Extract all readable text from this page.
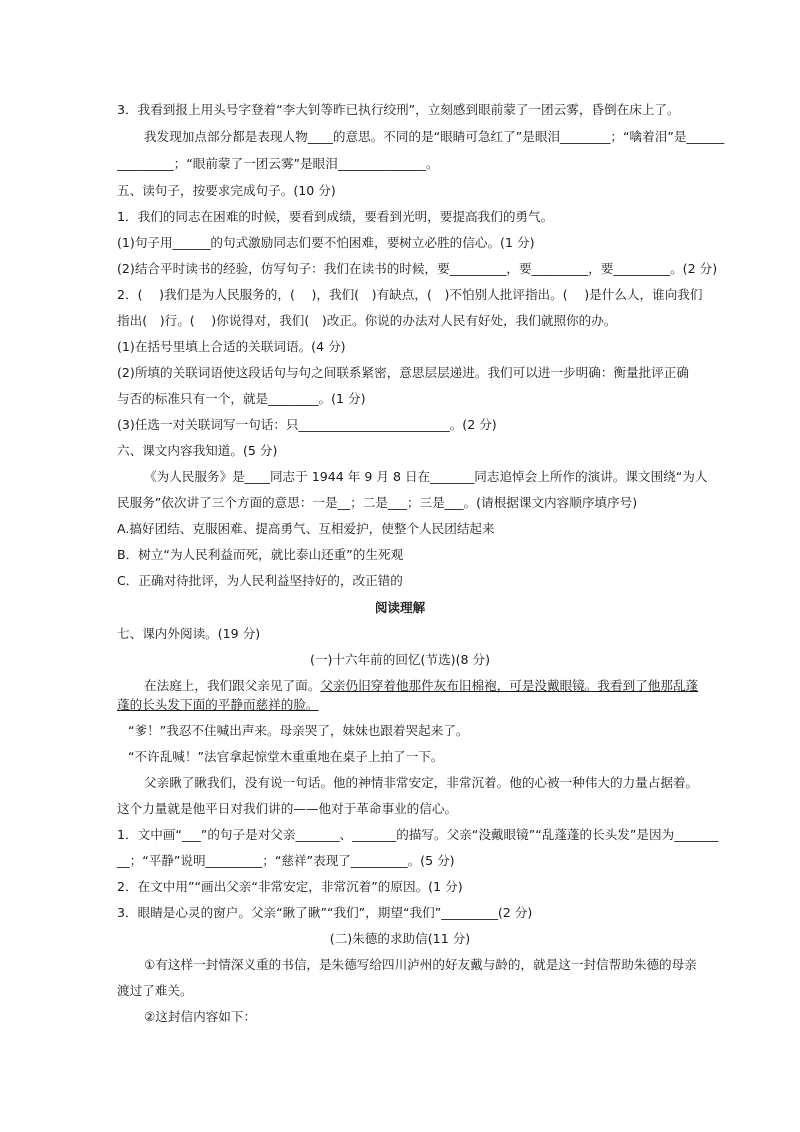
3．我看到报上用头号字登着“李大钊等昨已执行绞刑”，立刻感到眼前蒙了一团云雾，昏倒在床上了。
我发现加点部分都是表现人物____的意思。不同的是“眼睛可急红了”是眼泪________；“噙着泪”是______
_________；“眼前蒙了一团云雾”是眼泪______________。
五、读句子，按要求完成句子。(10 分)
1．我们的同志在困难的时候，要看到成绩，要看到光明，要提高我们的勇气。
(1)句子用______的句式激励同志们要不怕困难，要树立必胜的信心。(1 分)
(2)结合平时读书的经验，仿写句子：我们在读书的时候，要_________，要_________，要_________。(2 分)
2．(　 )我们是为人民服务的，(　 )，我们(　)有缺点，(　)不怕别人批评指出。(　 )是什么人，谁向我们
指出(　)行。(　 )你说得对，我们(　)改正。你说的办法对人民有好处，我们就照你的办。
(1)在括号里填上合适的关联词语。(4 分)
(2)所填的关联词语使这段话句与句之间联系紧密，意思层层递进。我们可以进一步明确：衡量批评正确
与否的标准只有一个，就是________。(1 分)
(3)任选一对关联词写一句话：只________________________。(2 分)
六、课文内容我知道。(5 分)
《为人民服务》是____同志于 1944 年 9 月 8 日在_______同志追悼会上所作的演讲。课文围绕“为人
民服务”依次讲了三个方面的意思：一是__；二是___；三是___。(请根据课文内容顺序填序号)
A.搞好团结、克服困难、提高勇气、互相爱护，使整个人民团结起来
B．树立“为人民利益而死，就比泰山还重”的生死观
C．正确对待批评，为人民利益坚持好的，改正错的
阅读理解
七、课内外阅读。(19 分)
(一)十六年前的回忆(节选)(8 分)
在法庭上，我们跟父亲见了面。父亲仍旧穿着他那件灰布旧棉袍，可是没戴眼镜。我看到了他那乱蓬
蓬的长头发下面的平静而慈祥的脸。
“爹！”我忍不住喊出声来。母亲哭了，妹妹也跟着哭起来了。
“不许乱喊！”法官拿起惊堂木重重地在桌子上拍了一下。
父亲瞅了瞅我们，没有说一句话。他的神情非常安定，非常沉着。他的心被一种伟大的力量占据着。
这个力量就是他平日对我们讲的——他对于革命事业的信心。
1．文中画“___”的句子是对父亲_______、_______的描写。父亲“没戴眼镜”“乱蓬蓬的长头发”是因为_______
__；“平静”说明_________；“慈祥”表现了_________。(5 分)
2．在文中用”“画出父亲“非常安定，非常沉着”的原因。(1 分)
3．眼睛是心灵的窗户。父亲“瞅了瞅”“我们”，期望“我们”_________(2 分)
(二)朱德的求助信(11 分)
①有这样一封情深义重的书信，是朱德写给四川泸州的好友戴与龄的，就是这一封信帮助朱德的母亲
渡过了难关。
②这封信内容如下：
